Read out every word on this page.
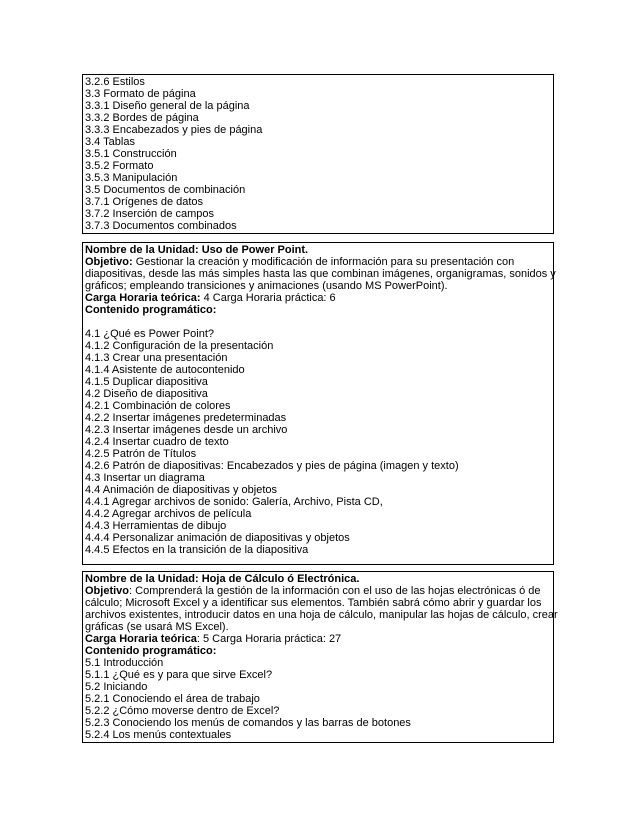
3.2.6 Estilos
3.3 Formato de página
3.3.1 Diseño general de la página
3.3.2 Bordes de página
3.3.3 Encabezados y pies de página
3.4 Tablas
3.5.1 Construcción
3.5.2 Formato
3.5.3 Manipulación
3.5 Documentos de combinación
3.7.1 Orígenes de datos
3.7.2 Inserción de campos
3.7.3 Documentos combinados
Nombre de la Unidad: Uso de Power Point.
Objetivo: Gestionar la creación y modificación de información para su presentación con
diapositivas, desde las más simples hasta las que combinan imágenes, organigramas, sonidos y
gráficos; empleando transiciones y animaciones (usando MS PowerPoint).
Carga Horaria teórica: 4 Carga Horaria práctica: 6
Contenido programático:
4.1 ¿Qué es Power Point?
4.1.2 Configuración de la presentación
4.1.3 Crear una presentación
4.1.4 Asistente de autocontenido
4.1.5 Duplicar diapositiva
4.2 Diseño de diapositiva
4.2.1 Combinación de colores
4.2.2 Insertar imágenes predeterminadas
4.2.3 Insertar imágenes desde un archivo
4.2.4 Insertar cuadro de texto
4.2.5 Patrón de Títulos
4.2.6 Patrón de diapositivas: Encabezados y pies de página (imagen y texto)
4.3 Insertar un diagrama
4.4 Animación de diapositivas y objetos
4.4.1 Agregar archivos de sonido: Galería, Archivo, Pista CD,
4.4.2 Agregar archivos de película
4.4.3 Herramientas de dibujo
4.4.4 Personalizar animación de diapositivas y objetos
4.4.5 Efectos en la transición de la diapositiva
Nombre de la Unidad: Hoja de Cálculo ó Electrónica.
Objetivo: Comprenderá la gestión de la información con el uso de las hojas electrónicas ó de
cálculo; Microsoft Excel y a identificar sus elementos. También sabrá cómo abrir y guardar los
archivos existentes, introducir datos en una hoja de cálculo, manipular las hojas de cálculo, crear
gráficas (se usará MS Excel).
Carga Horaria teórica: 5 Carga Horaria práctica: 27
Contenido programático:
5.1 Introducción
5.1.1 ¿Qué es y para que sirve Excel?
5.2 Iniciando
5.2.1 Conociendo el área de trabajo
5.2.2 ¿Cómo moverse dentro de Excel?
5.2.3 Conociendo los menús de comandos y las barras de botones
5.2.4 Los menús contextuales
